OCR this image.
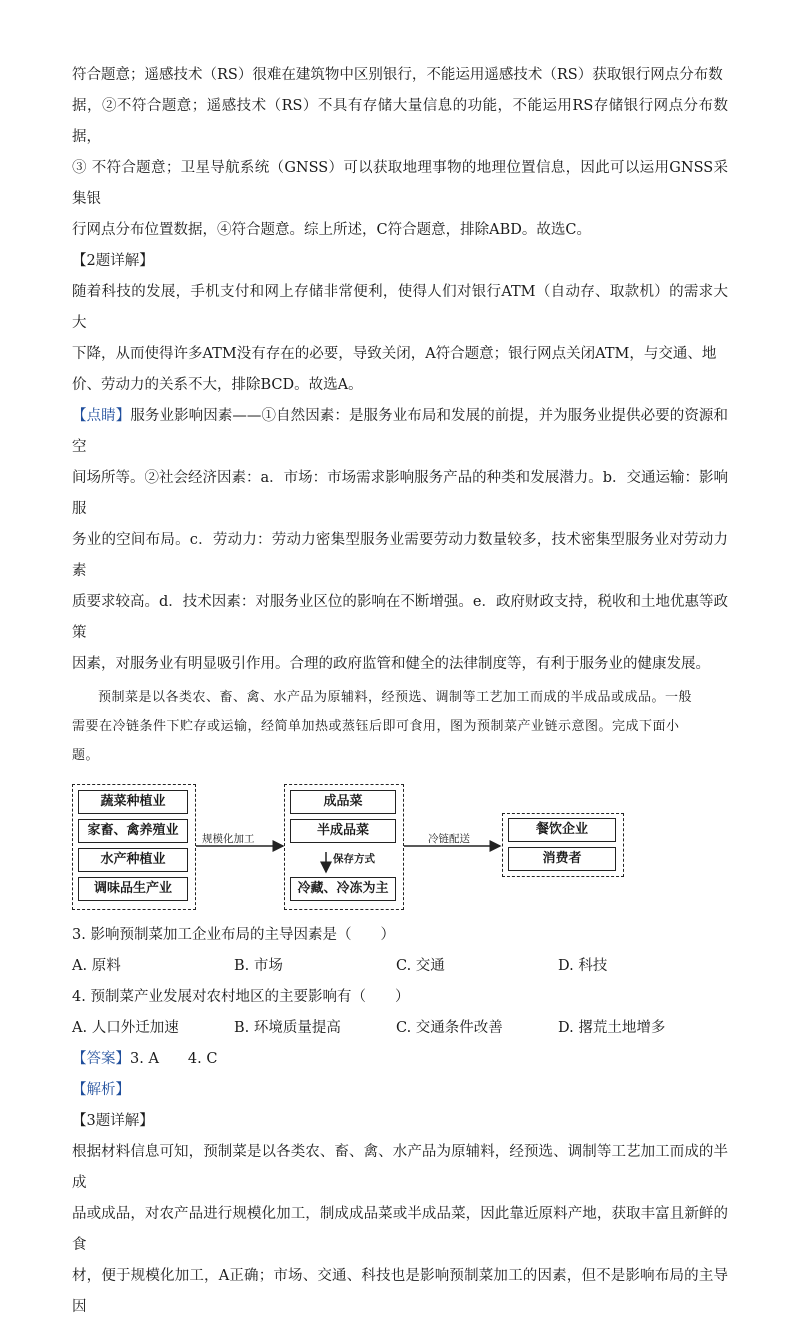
符合题意；遥感技术（RS）很难在建筑物中区别银行，不能运用遥感技术（RS）获取银行网点分布数

据，②不符合题意；遥感技术（RS）不具有存储大量信息的功能，不能运用RS存储银行网点分布数据，

③ 不符合题意；卫星导航系统（GNSS）可以获取地理事物的地理位置信息，因此可以运用GNSS采集银

行网点分布位置数据，④符合题意。综上所述，C符合题意，排除ABD。故选C。

【2题详解】

随着科技的发展，手机支付和网上存储非常便利，使得人们对银行ATM（自动存、取款机）的需求大大

下降，从而使得许多ATM没有存在的必要，导致关闭，A符合题意；银行网点关闭ATM，与交通、地

价、劳动力的关系不大，排除BCD。故选A。

【点睛】服务业影响因素——①自然因素：是服务业布局和发展的前提，并为服务业提供必要的资源和空

间场所等。②社会经济因素：a．市场：市场需求影响服务产品的种类和发展潜力。b．交通运输：影响服

务业的空间布局。c．劳动力：劳动力密集型服务业需要劳动力数量较多，技术密集型服务业对劳动力素

质要求较高。d．技术因素：对服务业区位的影响在不断增强。e．政府财政支持，税收和土地优惠等政策

因素，对服务业有明显吸引作用。合理的政府监管和健全的法律制度等，有利于服务业的健康发展。

预制菜是以各类农、畜、禽、水产品为原辅料，经预选、调制等工艺加工而成的半成品或成品。一般

需要在冷链条件下贮存或运输，经简单加热或蒸钰后即可食用，图为预制菜产业链示意图。完成下面小

题。

蔬菜种植业
家畜、禽养殖业
水产种植业
调味品生产业
规模化加工
成品菜
半成品菜
保存方式
冷藏、冷冻为主
冷链配送
餐饮企业
消费者

3. 影响预制菜加工企业布局的主导因素是（　　）

A. 原料	B. 市场	C. 交通	D. 科技

4. 预制菜产业发展对农村地区的主要影响有（　　）

A. 人口外迁加速	B. 环境质量提高	C. 交通条件改善	D. 撂荒土地增多

【答案】3. A　　4. C

【解析】

【3题详解】

根据材料信息可知，预制菜是以各类农、畜、禽、水产品为原辅料，经预选、调制等工艺加工而成的半成

品或成品，对农产品进行规模化加工，制成成品菜或半成品菜，因此靠近原料产地，获取丰富且新鲜的食

材，便于规模化加工，A正确；市场、交通、科技也是影响预制菜加工的因素，但不是影响布局的主导因
